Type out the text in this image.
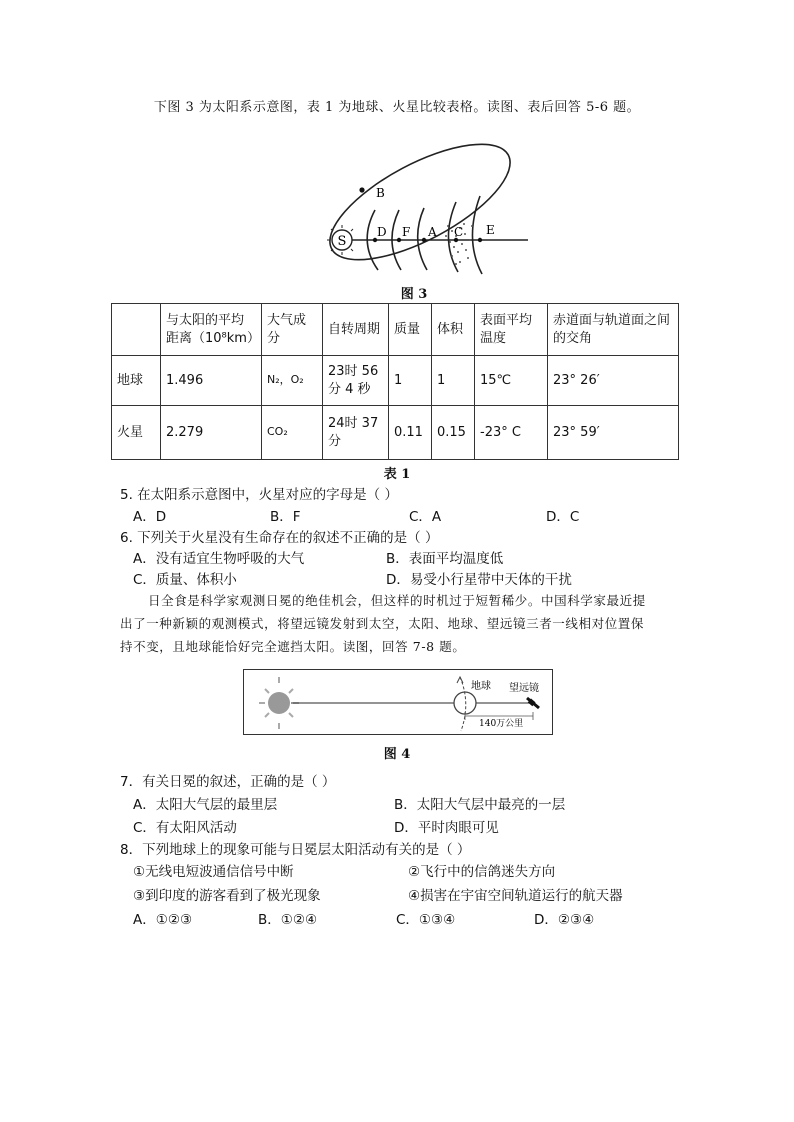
下图 3 为太阳系示意图，表 1 为地球、火星比较表格。读图、表后回答 5-6 题。
S
B
D F A C E
图 3
	与太阳的平均距离（10⁸km）	大气成分	自转周期	质量	体积	表面平均温度	赤道面与轨道面之间的交角
地球	1.496	N₂，O₂	23时 56分 4 秒	1	1	15℃	23° 26′
火星	2.279	CO₂	24时 37分	0.11	0.15	-23° C	23° 59′
表 1
5. 在太阳系示意图中，火星对应的字母是（ ）
A．D	B．F	C．A	D．C
6. 下列关于火星没有生命存在的叙述不正确的是（ ）
A．没有适宜生物呼吸的大气	B．表面平均温度低
C．质量、体积小	D．易受小行星带中天体的干扰
日全食是科学家观测日冕的绝佳机会，但这样的时机过于短暂稀少。中国科学家最近提
出了一种新颖的观测模式，将望远镜发射到太空，太阳、地球、望远镜三者一线相对位置保
持不变，且地球能恰好完全遮挡太阳。读图，回答 7-8 题。
地球 望远镜
140万公里
图 4
7．有关日冕的叙述，正确的是（ ）
A．太阳大气层的最里层	B．太阳大气层中最亮的一层
C．有太阳风活动	D．平时肉眼可见
8．下列地球上的现象可能与日冕层太阳活动有关的是（ ）
①无线电短波通信信号中断	②飞行中的信鸽迷失方向
③到印度的游客看到了极光现象	④损害在宇宙空间轨道运行的航天器
A．①②③	B．①②④	C．①③④	D．②③④
